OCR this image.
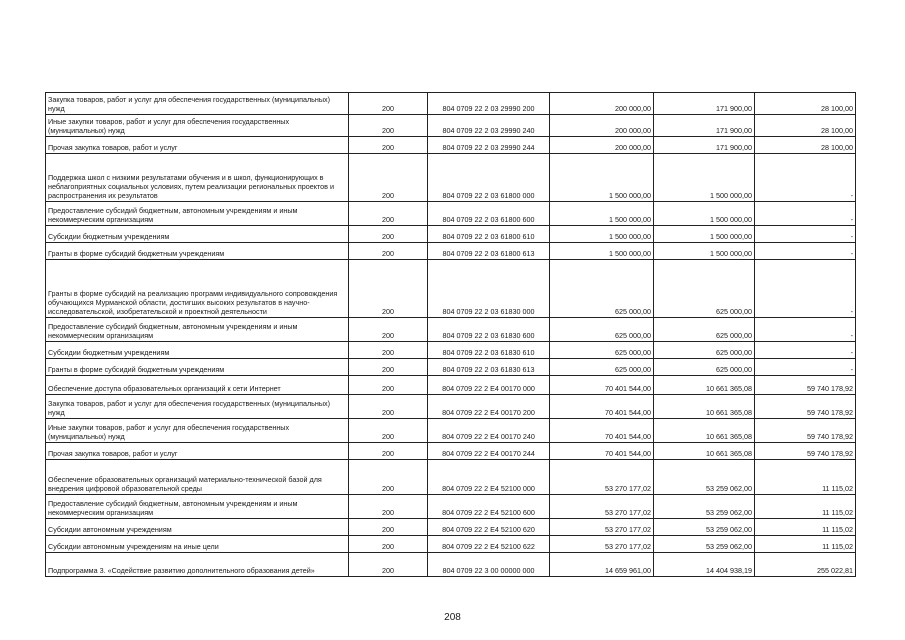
Закупка товаров, работ и услуг для обеспечения государственных (муниципальных) нужд	200	804 0709 22 2 03 29990 200	200 000,00	171 900,00	28 100,00
Иные закупки товаров, работ и услуг для обеспечения государственных (муниципальных) нужд	200	804 0709 22 2 03 29990 240	200 000,00	171 900,00	28 100,00
Прочая закупка товаров, работ и услуг	200	804 0709 22 2 03 29990 244	200 000,00	171 900,00	28 100,00
Поддержка школ с низкими результатами обучения и в школ, функционирующих в неблагоприятных социальных условиях, путем реализации региональных проектов и распространения их результатов	200	804 0709 22 2 03 61800 000	1 500 000,00	1 500 000,00	-
Предоставление субсидий бюджетным, автономным учреждениям и иным некоммерческим организациям	200	804 0709 22 2 03 61800 600	1 500 000,00	1 500 000,00	-
Субсидии бюджетным учреждениям	200	804 0709 22 2 03 61800 610	1 500 000,00	1 500 000,00	-
Гранты в форме субсидий бюджетным учреждениям	200	804 0709 22 2 03 61800 613	1 500 000,00	1 500 000,00	-
Гранты в форме субсидий на реализацию программ индивидуального сопровождения обучающихся Мурманской области, достигших высоких результатов в научно-исследовательской, изобретательской и проектной деятельности	200	804 0709 22 2 03 61830 000	625 000,00	625 000,00	-
Предоставление субсидий бюджетным, автономным учреждениям и иным некоммерческим организациям	200	804 0709 22 2 03 61830 600	625 000,00	625 000,00	-
Субсидии бюджетным учреждениям	200	804 0709 22 2 03 61830 610	625 000,00	625 000,00	-
Гранты в форме субсидий бюджетным учреждениям	200	804 0709 22 2 03 61830 613	625 000,00	625 000,00	-
Обеспечение доступа образовательных организаций к сети Интернет	200	804 0709 22 2 E4 00170 000	70 401 544,00	10 661 365,08	59 740 178,92
Закупка товаров, работ и услуг для обеспечения государственных (муниципальных) нужд	200	804 0709 22 2 E4 00170 200	70 401 544,00	10 661 365,08	59 740 178,92
Иные закупки товаров, работ и услуг для обеспечения государственных (муниципальных) нужд	200	804 0709 22 2 E4 00170 240	70 401 544,00	10 661 365,08	59 740 178,92
Прочая закупка товаров, работ и услуг	200	804 0709 22 2 E4 00170 244	70 401 544,00	10 661 365,08	59 740 178,92
Обеспечение образовательных организаций материально-технической базой для внедрения цифровой образовательной среды	200	804 0709 22 2 E4 52100 000	53 270 177,02	53 259 062,00	11 115,02
Предоставление субсидий бюджетным, автономным учреждениям и иным некоммерческим организациям	200	804 0709 22 2 E4 52100 600	53 270 177,02	53 259 062,00	11 115,02
Субсидии автономным учреждениям	200	804 0709 22 2 E4 52100 620	53 270 177,02	53 259 062,00	11 115,02
Субсидии автономным учреждениям на иные цели	200	804 0709 22 2 E4 52100 622	53 270 177,02	53 259 062,00	11 115,02
Подпрограмма 3. «Содействие развитию дополнительного образования детей»	200	804 0709 22 3 00 00000 000	14 659 961,00	14 404 938,19	255 022,81
208
